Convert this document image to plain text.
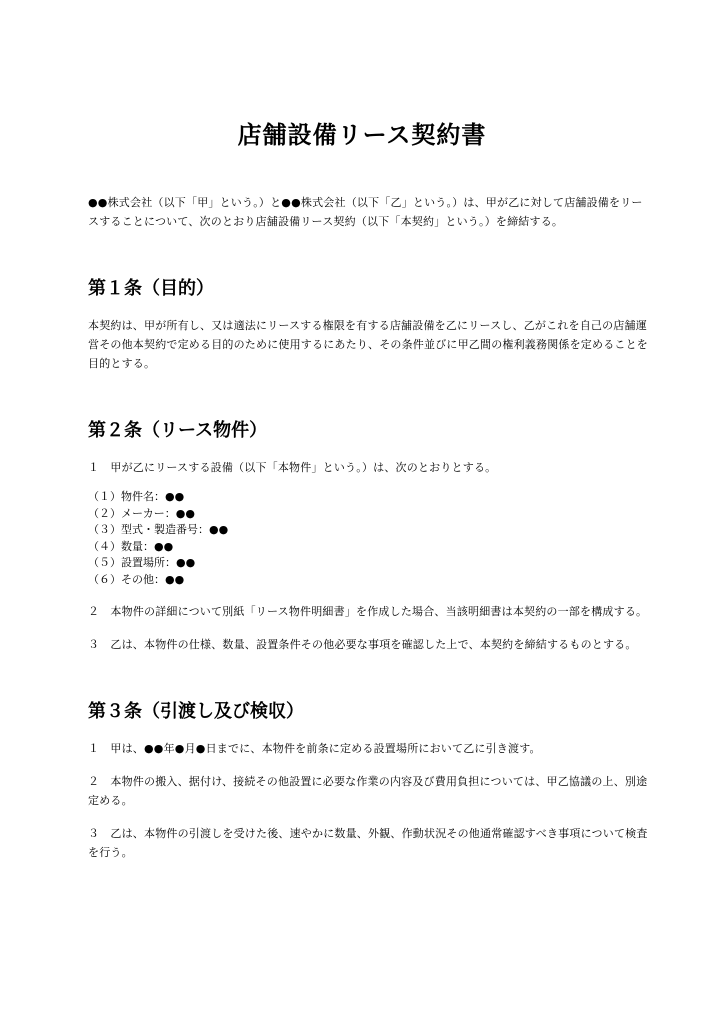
店舗設備リース契約書

●●株式会社（以下「甲」という。）と●●株式会社（以下「乙」という。）は、甲が乙に対して店舗設備をリースすることについて、次のとおり店舗設備リース契約（以下「本契約」という。）を締結する。

第１条（目的）

本契約は、甲が所有し、又は適法にリースする権限を有する店舗設備を乙にリースし、乙がこれを自己の店舗運営その他本契約で定める目的のために使用するにあたり、その条件並びに甲乙間の権利義務関係を定めることを目的とする。

第２条（リース物件）

１　甲が乙にリースする設備（以下「本物件」という。）は、次のとおりとする。

（１）物件名：●●

（２）メーカー：●●

（３）型式・製造番号：●●

（４）数量：●●

（５）設置場所：●●

（６）その他：●●

２　本物件の詳細について別紙「リース物件明細書」を作成した場合、当該明細書は本契約の一部を構成する。

３　乙は、本物件の仕様、数量、設置条件その他必要な事項を確認した上で、本契約を締結するものとする。

第３条（引渡し及び検収）

１　甲は、●●年●月●日までに、本物件を前条に定める設置場所において乙に引き渡す。

２　本物件の搬入、据付け、接続その他設置に必要な作業の内容及び費用負担については、甲乙協議の上、別途定める。

３　乙は、本物件の引渡しを受けた後、速やかに数量、外観、作動状況その他通常確認すべき事項について検査を行う。
